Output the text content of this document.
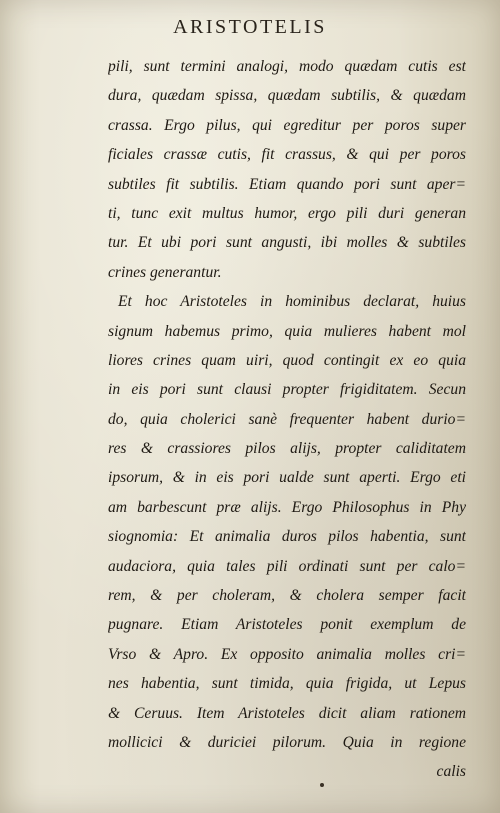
ARISTOTELIS
pili, sunt termini analogi, modo quædam cutis est
dura, quædam spissa, quædam subtilis, & quædam
crassa. Ergo pilus, qui egreditur per poros super
ficiales crassæ cutis, fit crassus, & qui per poros
subtiles fit subtilis. Etiam quando pori sunt aper=
ti, tunc exit multus humor, ergo pili duri generan
tur. Et ubi pori sunt angusti, ibi molles & subtiles
crines generantur.
Et hoc Aristoteles in hominibus declarat, huius
signum habemus primo, quia mulieres habent mol
liores crines quam uiri, quod contingit ex eo quia
in eis pori sunt clausi propter frigiditatem. Secun
do, quia cholerici sanè frequenter habent durio=
res & crassiores pilos alijs, propter caliditatem
ipsorum, & in eis pori ualde sunt aperti. Ergo eti
am barbescunt præ alijs. Ergo Philosophus in Phy
siognomia: Et animalia duros pilos habentia, sunt
audaciora, quia tales pili ordinati sunt per calo=
rem, & per choleram, & cholera semper facit
pugnare. Etiam Aristoteles ponit exemplum de
Vrso & Apro. Ex opposito animalia molles cri=
nes habentia, sunt timida, quia frigida, ut Lepus
& Ceruus. Item Aristoteles dicit aliam rationem
mollicici & duriciei pilorum. Quia in regione
calis
